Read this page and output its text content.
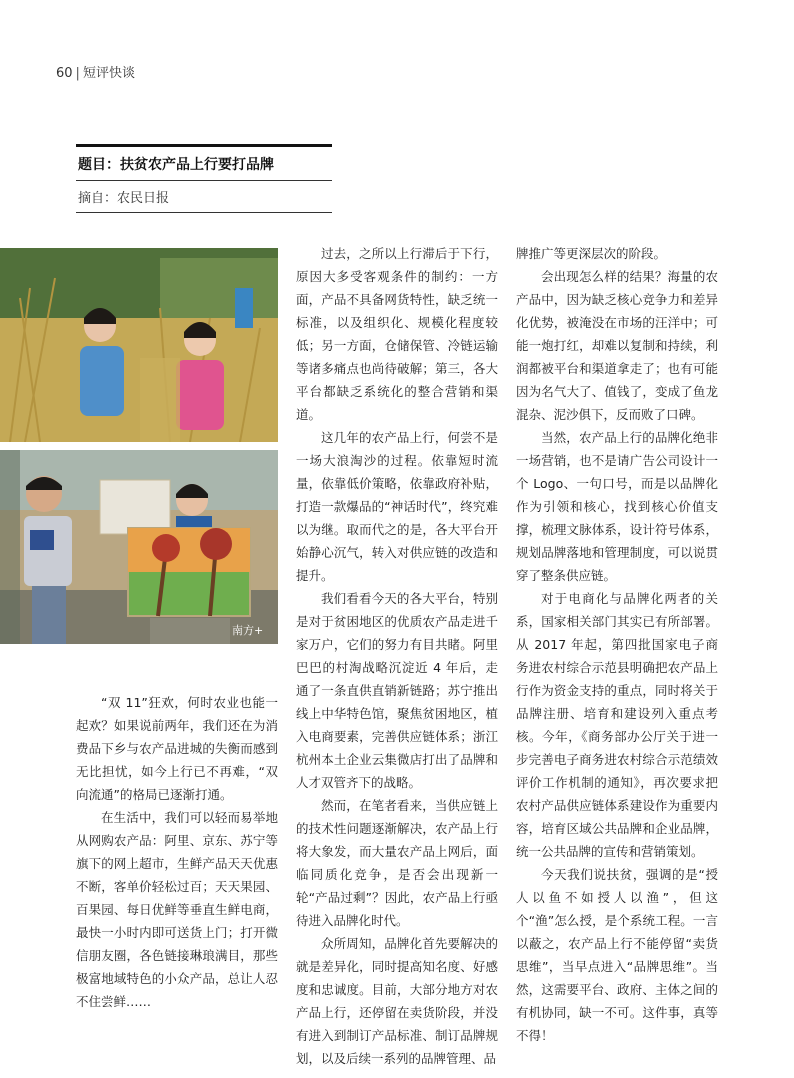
60 | 短评快谈
题目：扶贫农产品上行要打品牌
摘自：农民日报
南方+

“双 11”狂欢，何时农业也能一起欢？如果说前两年，我们还在为消费品下乡与农产品进城的失衡而感到无比担忧，如今上行已不再难，“双向流通”的格局已逐渐打通。

在生活中，我们可以轻而易举地从网购农产品：阿里、京东、苏宁等旗下的网上超市，生鲜产品天天优惠不断，客单价轻松过百；天天果园、百果园、每日优鲜等垂直生鲜电商，最快一小时内即可送货上门；打开微信朋友圈，各色链接琳琅满目，那些极富地域特色的小众产品，总让人忍不住尝鲜……

过去，之所以上行滞后于下行，原因大多受客观条件的制约：一方面，产品不具备网货特性，缺乏统一标准，以及组织化、规模化程度较低；另一方面，仓储保管、冷链运输等诸多痛点也尚待破解；第三，各大平台都缺乏系统化的整合营销和渠道。

这几年的农产品上行，何尝不是一场大浪淘沙的过程。依靠短时流量，依靠低价策略，依靠政府补贴，打造一款爆品的“神话时代”，终究难以为继。取而代之的是，各大平台开始静心沉气，转入对供应链的改造和提升。

我们看看今天的各大平台，特别是对于贫困地区的优质农产品走进千家万户，它们的努力有目共睹。阿里巴巴的村淘战略沉淀近 4 年后，走通了一条直供直销新链路；苏宁推出线上中华特色馆，聚焦贫困地区，植入电商要素，完善供应链体系；浙江杭州本土企业云集微店打出了品牌和人才双管齐下的战略。

然而，在笔者看来，当供应链上的技术性问题逐渐解决，农产品上行将大象发，而大量农产品上网后，面临同质化竞争，是否会出现新一轮“产品过剩”？因此，农产品上行亟待进入品牌化时代。

众所周知，品牌化首先要解决的就是差异化，同时提高知名度、好感度和忠诚度。目前，大部分地方对农产品上行，还停留在卖货阶段，并没有进入到制订产品标准、制订品牌规划，以及后续一系列的品牌管理、品

牌推广等更深层次的阶段。

会出现怎么样的结果？海量的农产品中，因为缺乏核心竞争力和差异化优势，被淹没在市场的汪洋中；可能一炮打红，却难以复制和持续，利润都被平台和渠道拿走了；也有可能因为名气大了、值钱了，变成了鱼龙混杂、泥沙俱下，反而败了口碑。

当然，农产品上行的品牌化绝非一场营销，也不是请广告公司设计一个 Logo、一句口号，而是以品牌化作为引领和核心，找到核心价值支撑，梳理文脉体系，设计符号体系，规划品牌落地和管理制度，可以说贯穿了整条供应链。

对于电商化与品牌化两者的关系，国家相关部门其实已有所部署。从 2017 年起，第四批国家电子商务进农村综合示范县明确把农产品上行作为资金支持的重点，同时将关于品牌注册、培育和建设列入重点考核。今年，《商务部办公厅关于进一步完善电子商务进农村综合示范绩效评价工作机制的通知》，再次要求把农村产品供应链体系建设作为重要内容，培育区域公共品牌和企业品牌，统一公共品牌的宣传和营销策划。

今天我们说扶贫，强调的是“授人以鱼不如授人以渔”，但这个“渔”怎么授，是个系统工程。一言以蔽之，农产品上行不能停留“卖货思维”，当早点进入“品牌思维”。当然，这需要平台、政府、主体之间的有机协同，缺一不可。这件事，真等不得！
